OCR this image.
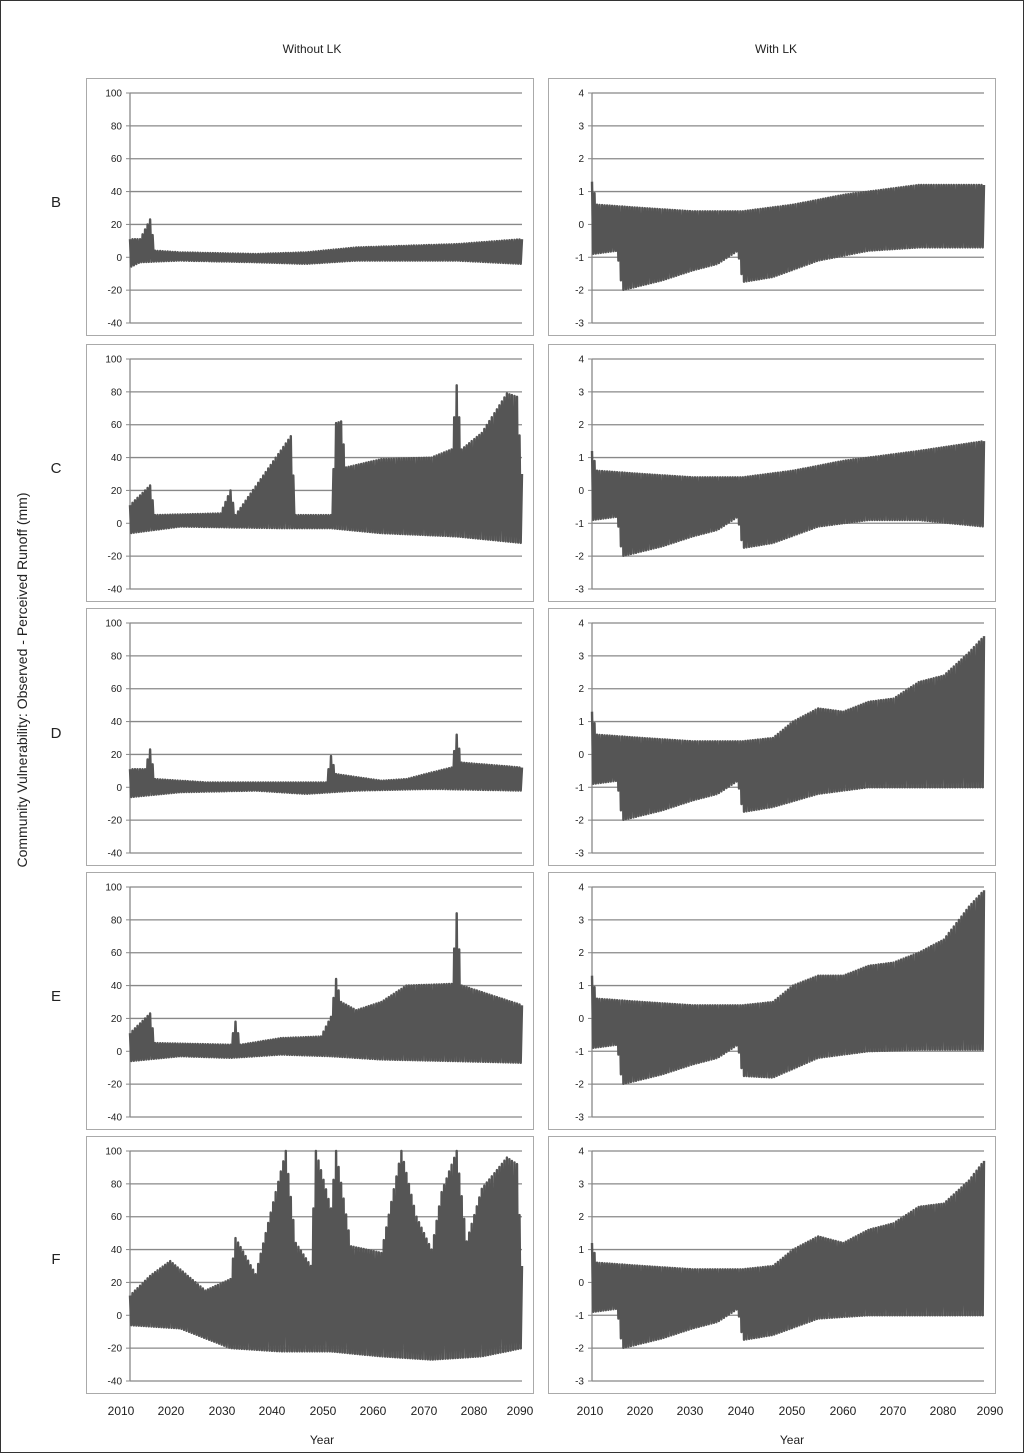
Without LK	With LK
Community Vulnerability: Observed - Perceived Runoff (mm)
B
C
D
E
F
-40
-20
0
20
40
60
80
100
-3
-2
-1
0
1
2
3
4
-40
-20
0
20
40
60
80
100
-3
-2
-1
0
1
2
3
4
-40
-20
0
20
40
60
80
100
-3
-2
-1
0
1
2
3
4
-40
-20
0
20
40
60
80
100
-3
-2
-1
0
1
2
3
4
-40
-20
0
20
40
60
80
100
-3
-2
-1
0
1
2
3
4
2010 2020 2030 2040 2050 2060 2070 2080 2090
Year
2010 2020 2030 2040 2050 2060 2070 2080 2090
Year
